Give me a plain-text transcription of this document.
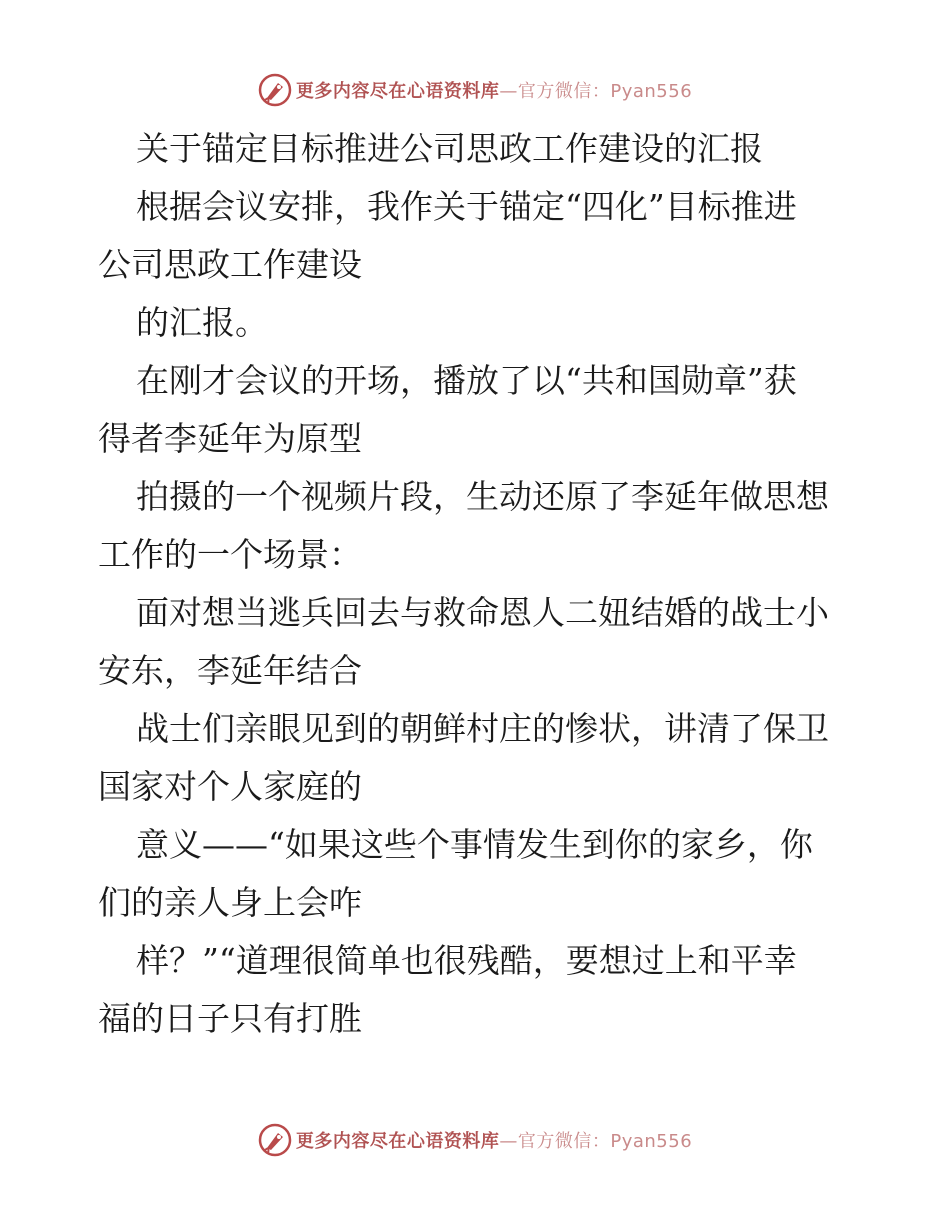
更多内容尽在心语资料库—官方微信：Pyan556
关于锚定目标推进公司思政工作建设的汇报
根据会议安排，我作关于锚定“四化”目标推进
公司思政工作建设
的汇报。
在刚才会议的开场，播放了以“共和国勋章”获
得者李延年为原型
拍摄的一个视频片段，生动还原了李延年做思想
工作的一个场景：
面对想当逃兵回去与救命恩人二妞结婚的战士小
安东，李延年结合
战士们亲眼见到的朝鲜村庄的惨状，讲清了保卫
国家对个人家庭的
意义——“如果这些个事情发生到你的家乡，你
们的亲人身上会咋
样？”“道理很简单也很残酷，要想过上和平幸
福的日子只有打胜
更多内容尽在心语资料库—官方微信：Pyan556
